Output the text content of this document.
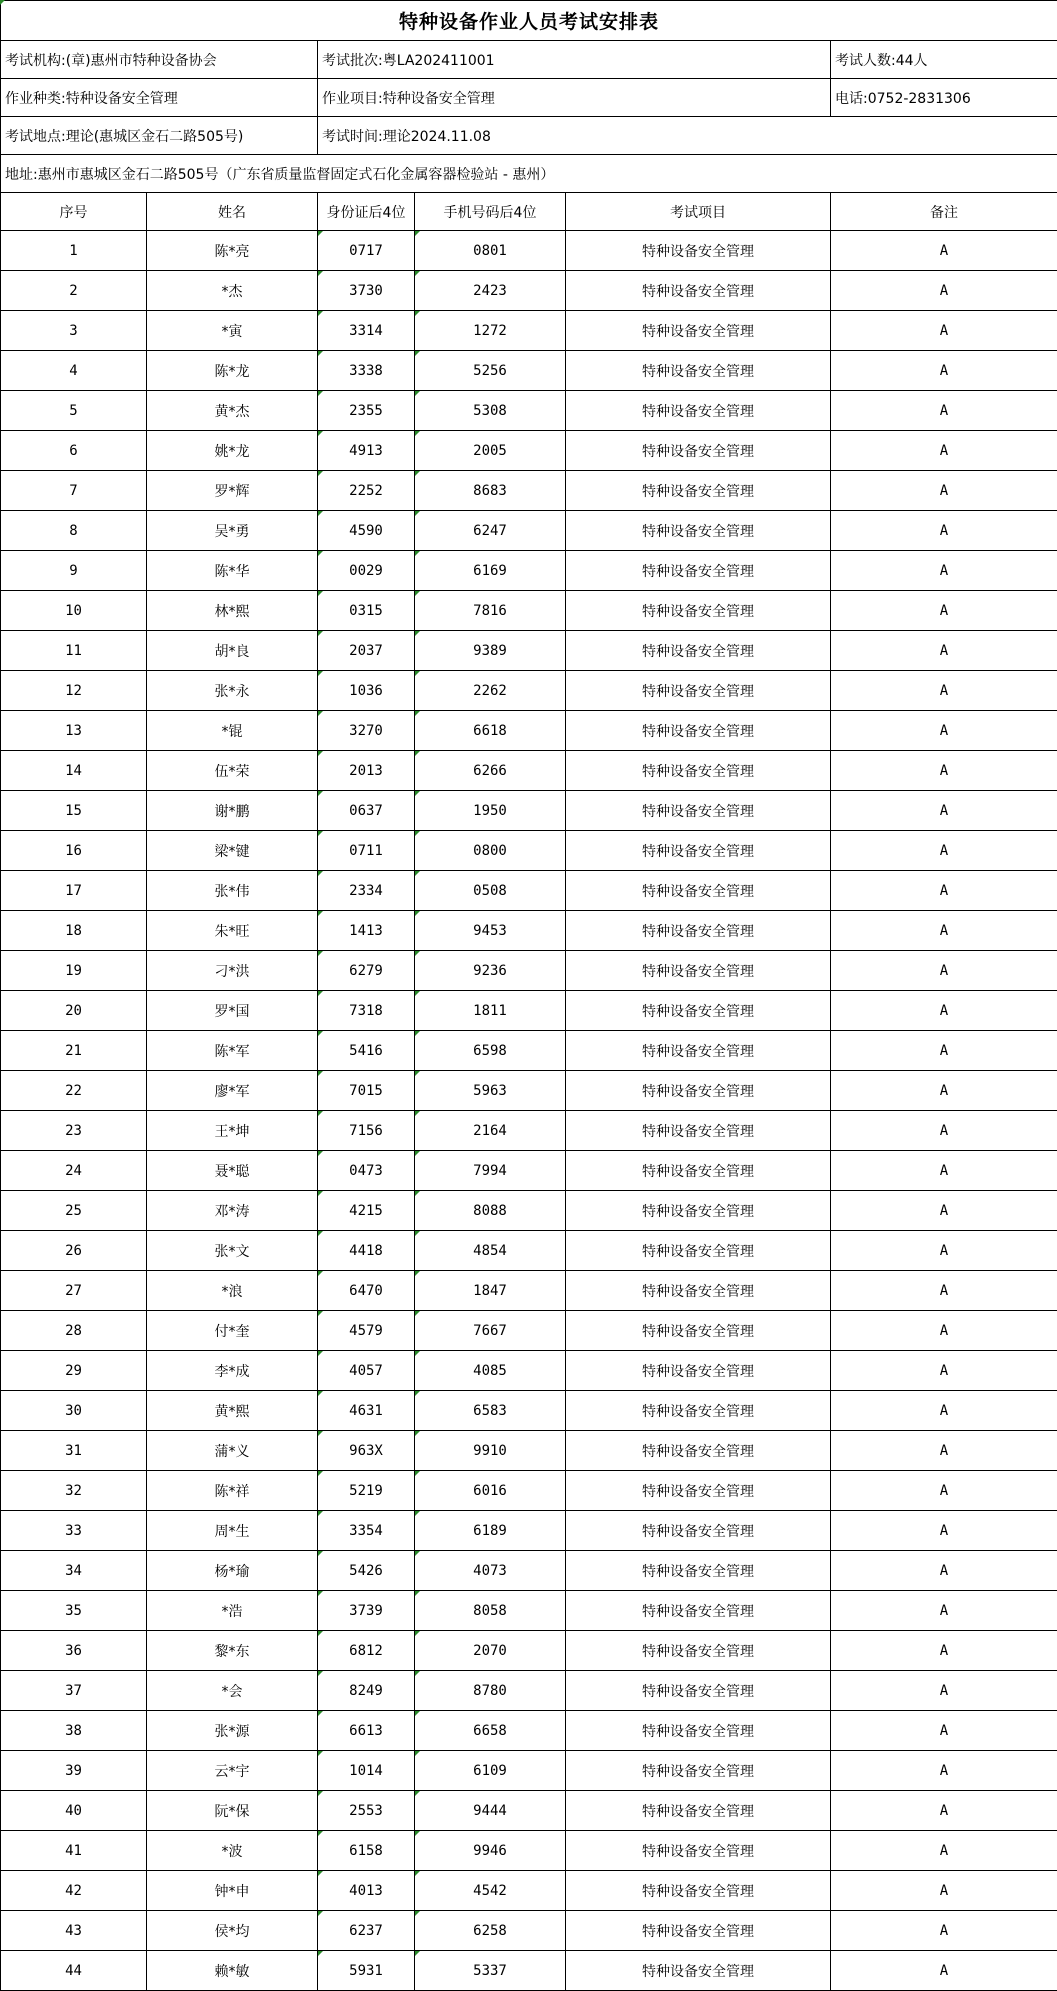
特种设备作业人员考试安排表					
考试机构:(章)惠州市特种设备协会		考试批次:粤LA202411001			考试人数:44人
作业种类:特种设备安全管理		作业项目:特种设备安全管理			电话:0752-2831306
考试地点:理论(惠城区金石二路505号)		考试时间:理论2024.11.08			
地址:惠州市惠城区金石二路505号（广东省质量监督固定式石化金属容器检验站 - 惠州）					
序号	姓名	身份证后4位	手机号码后4位	考试项目	备注
1	陈*亮	0717	0801	特种设备安全管理	A
2	*杰	3730	2423	特种设备安全管理	A
3	*寅	3314	1272	特种设备安全管理	A
4	陈*龙	3338	5256	特种设备安全管理	A
5	黄*杰	2355	5308	特种设备安全管理	A
6	姚*龙	4913	2005	特种设备安全管理	A
7	罗*辉	2252	8683	特种设备安全管理	A
8	吴*勇	4590	6247	特种设备安全管理	A
9	陈*华	0029	6169	特种设备安全管理	A
10	林*熙	0315	7816	特种设备安全管理	A
11	胡*良	2037	9389	特种设备安全管理	A
12	张*永	1036	2262	特种设备安全管理	A
13	*锟	3270	6618	特种设备安全管理	A
14	伍*荣	2013	6266	特种设备安全管理	A
15	谢*鹏	0637	1950	特种设备安全管理	A
16	梁*键	0711	0800	特种设备安全管理	A
17	张*伟	2334	0508	特种设备安全管理	A
18	朱*旺	1413	9453	特种设备安全管理	A
19	刁*洪	6279	9236	特种设备安全管理	A
20	罗*国	7318	1811	特种设备安全管理	A
21	陈*军	5416	6598	特种设备安全管理	A
22	廖*军	7015	5963	特种设备安全管理	A
23	王*坤	7156	2164	特种设备安全管理	A
24	聂*聪	0473	7994	特种设备安全管理	A
25	邓*涛	4215	8088	特种设备安全管理	A
26	张*文	4418	4854	特种设备安全管理	A
27	*浪	6470	1847	特种设备安全管理	A
28	付*奎	4579	7667	特种设备安全管理	A
29	李*成	4057	4085	特种设备安全管理	A
30	黄*熙	4631	6583	特种设备安全管理	A
31	蒲*义	963X	9910	特种设备安全管理	A
32	陈*祥	5219	6016	特种设备安全管理	A
33	周*生	3354	6189	特种设备安全管理	A
34	杨*瑜	5426	4073	特种设备安全管理	A
35	*浩	3739	8058	特种设备安全管理	A
36	黎*东	6812	2070	特种设备安全管理	A
37	*会	8249	8780	特种设备安全管理	A
38	张*源	6613	6658	特种设备安全管理	A
39	云*宇	1014	6109	特种设备安全管理	A
40	阮*保	2553	9444	特种设备安全管理	A
41	*波	6158	9946	特种设备安全管理	A
42	钟*申	4013	4542	特种设备安全管理	A
43	侯*均	6237	6258	特种设备安全管理	A
44	赖*敏	5931	5337	特种设备安全管理	A
